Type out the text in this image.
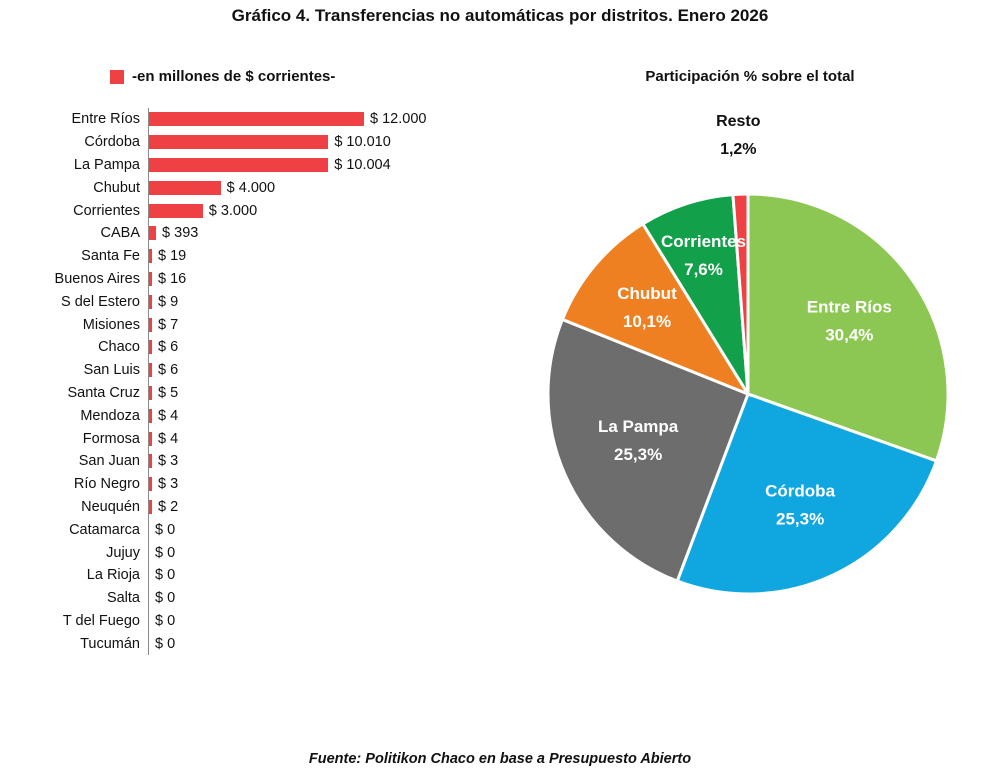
Gráfico 4. Transferencias no automáticas por distritos. Enero 2026
-en millones de $ corrientes-
Entre Ríos	$ 12.000
Córdoba	$ 10.010
La Pampa	$ 10.004
Chubut	$ 4.000
Corrientes	$ 3.000
CABA	$ 393
Santa Fe	$ 19
Buenos Aires	$ 16
S del Estero	$ 9
Misiones	$ 7
Chaco	$ 6
San Luis	$ 6
Santa Cruz	$ 5
Mendoza	$ 4
Formosa	$ 4
San Juan	$ 3
Río Negro	$ 3
Neuquén	$ 2
Catamarca	$ 0
Jujuy	$ 0
La Rioja	$ 0
Salta	$ 0
T del Fuego	$ 0
Tucumán	$ 0
Participación % sobre el total
Entre Ríos
30,4%
Córdoba
25,3%
La Pampa
25,3%
Chubut
10,1%
Corrientes
7,6%
Resto
1,2%
Fuente: Politikon Chaco en base a Presupuesto Abierto
